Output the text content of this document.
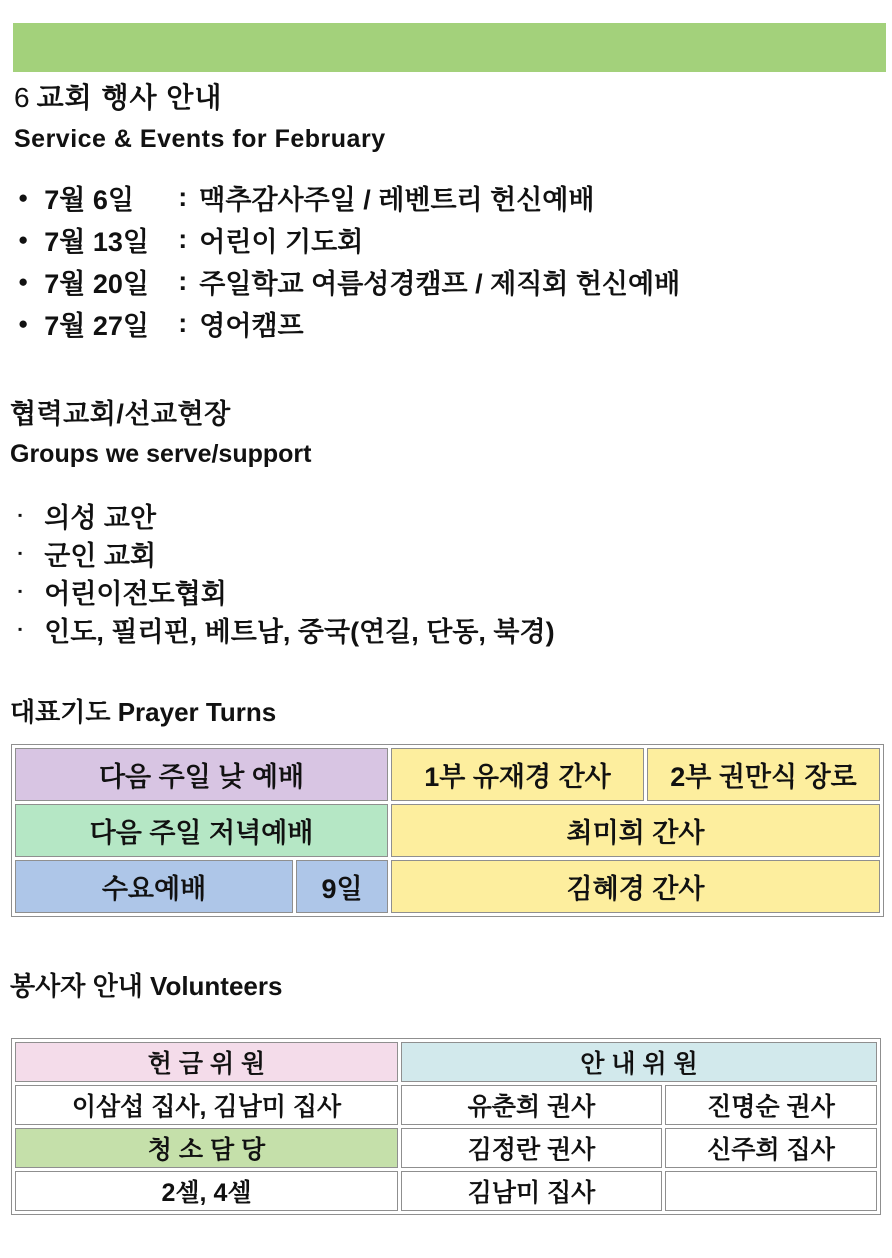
6 교회 행사 안내
Service & Events for February
● 7월 6일	: 맥추감사주일 / 레벤트리 헌신예배
● 7월 13일	: 어린이 기도회
● 7월 20일	: 주일학교 여름성경캠프 / 제직회 헌신예배
● 7월 27일	: 영어캠프
협력교회/선교현장
Groups we serve/support
▪ 의성 교안
▪ 군인 교회
▪ 어린이전도협회
▪ 인도, 필리핀, 베트남, 중국(연길, 단동, 북경)
대표기도 Prayer Turns
다음 주일 낮 예배		1부 유재경 간사	2부 권만식 장로
다음 주일 저녁예배		최미희 간사	
수요예배	9일	김혜경 간사	
봉사자 안내 Volunteers
헌 금 위 원	안 내 위 원	
이삼섭 집사, 김남미 집사	유춘희 권사	진명순 권사
청 소 담 당	김정란 권사	신주희 집사
2셀, 4셀	김남미 집사	
